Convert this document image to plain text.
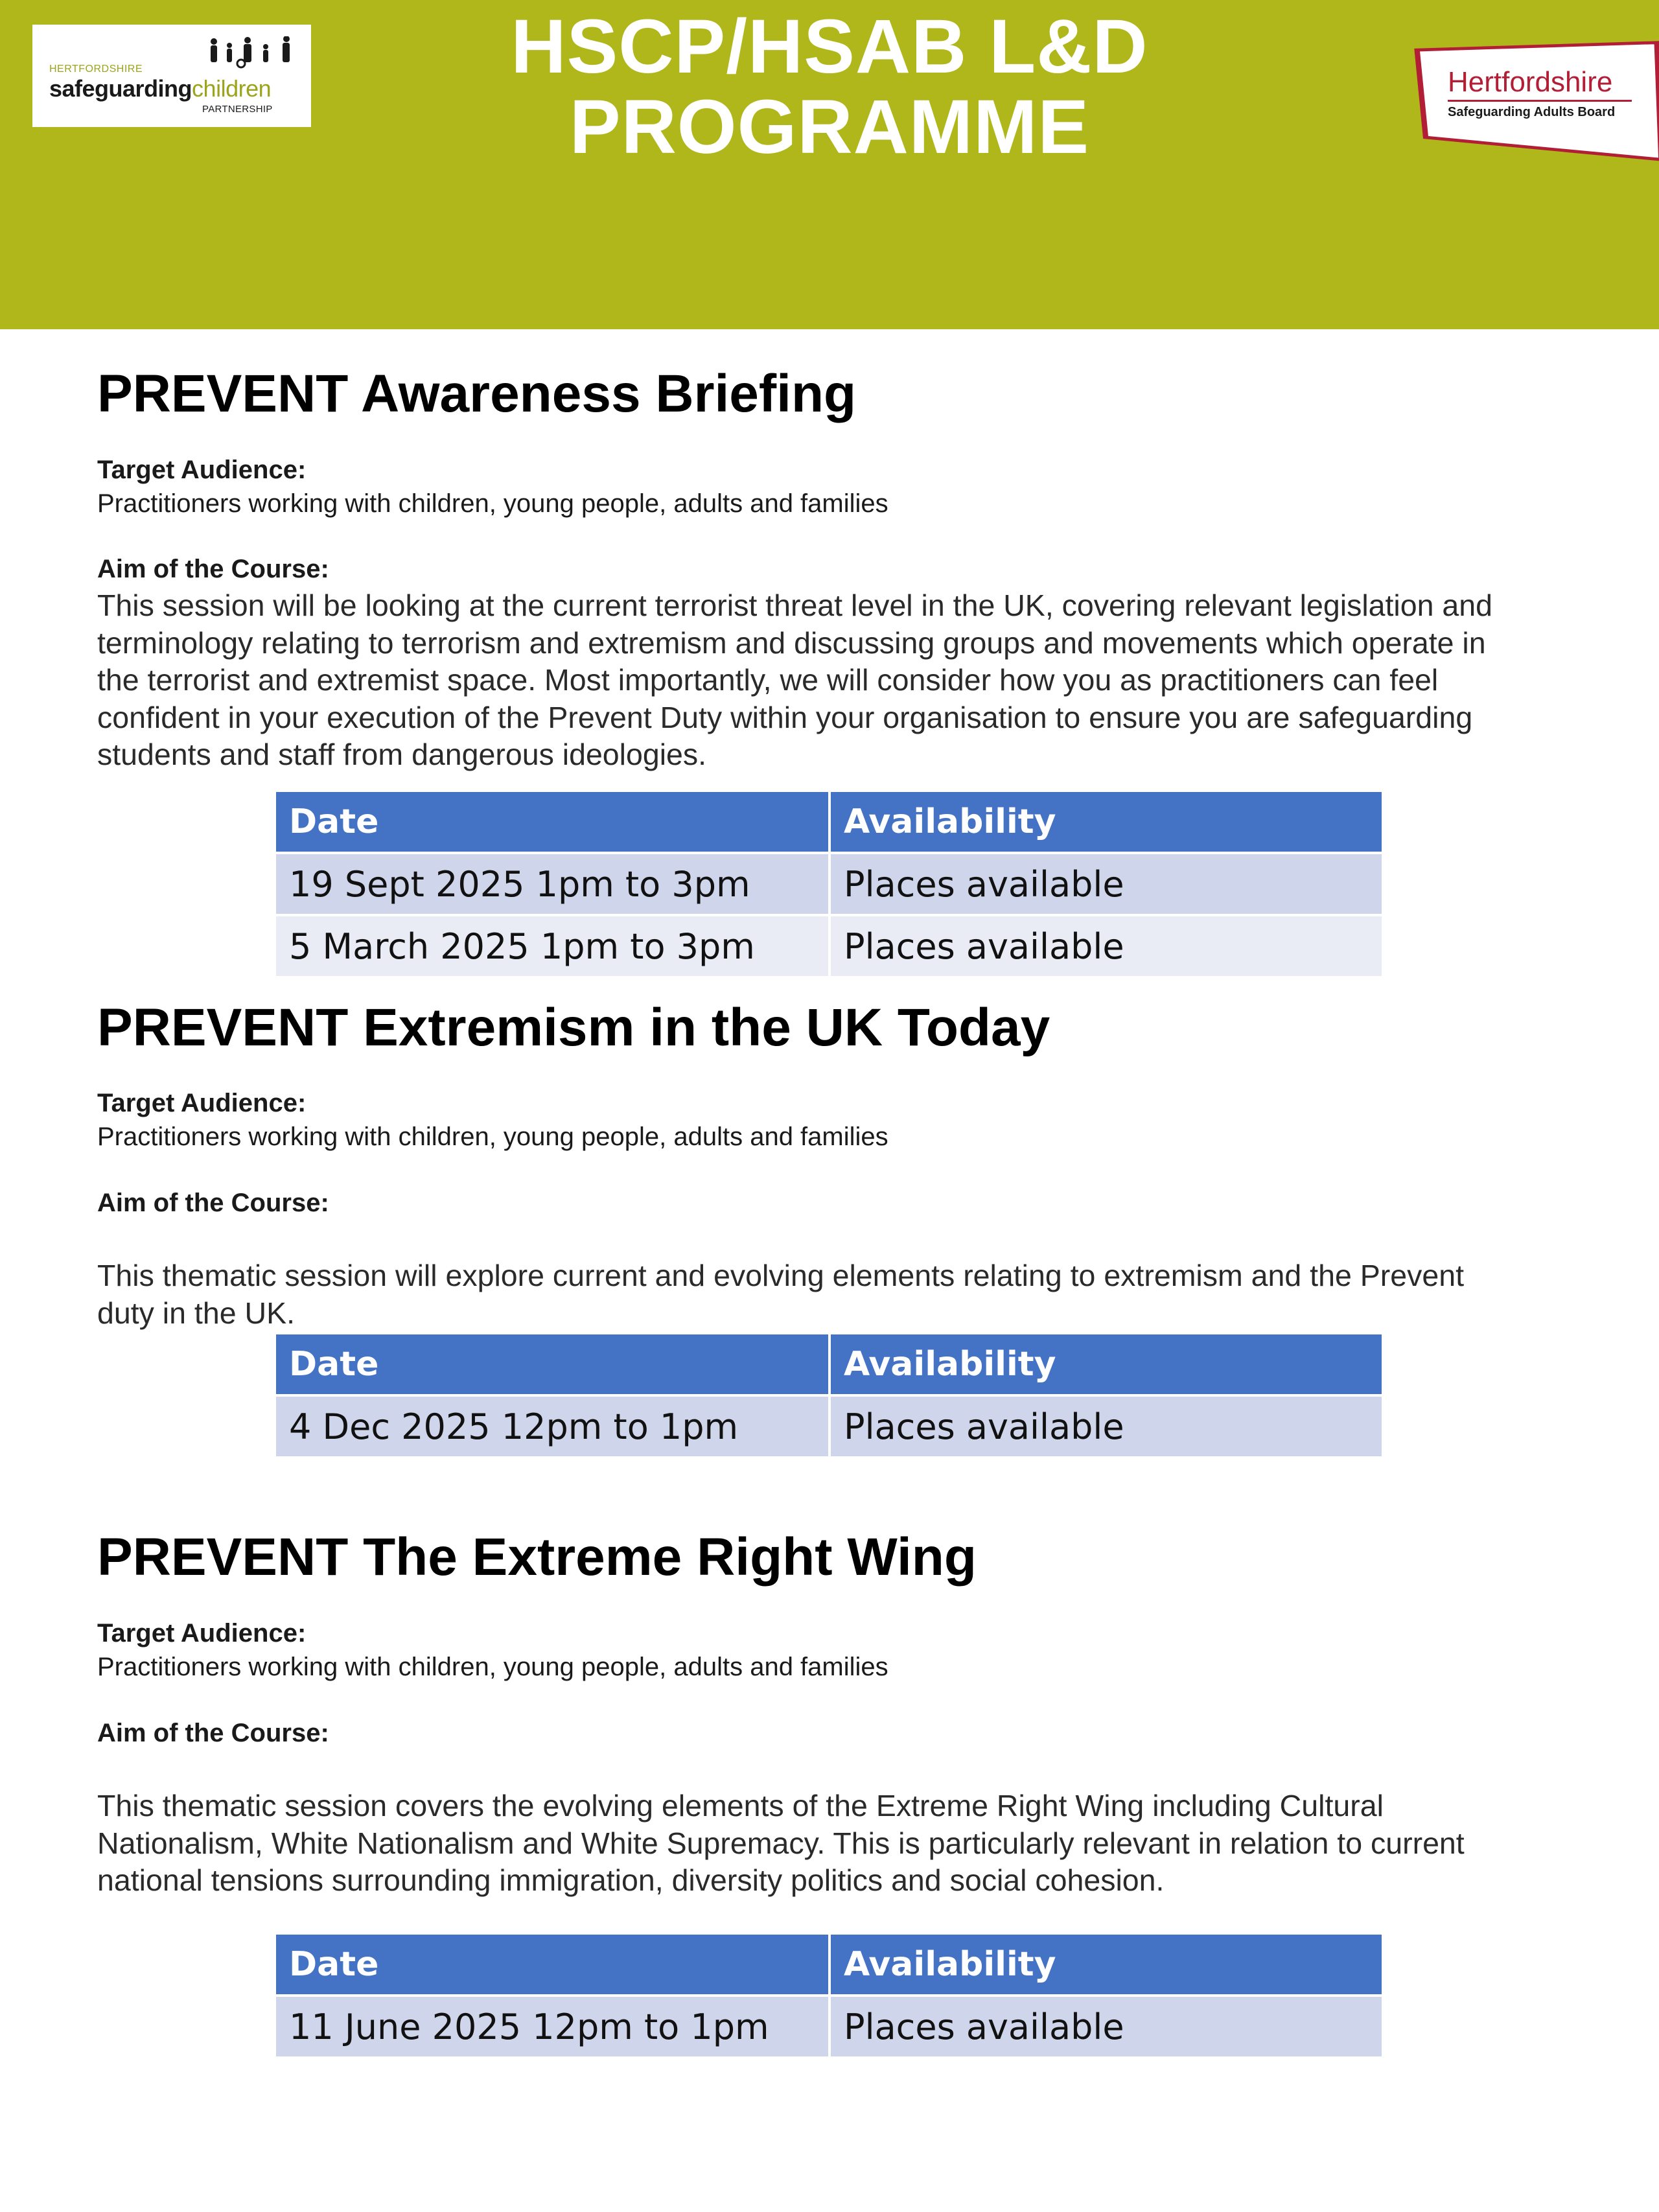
HERTFORDSHIRE
safeguardingchildren
PARTNERSHIP
HSCP/HSAB L&D
PROGRAMME
Hertfordshire
Safeguarding Adults Board
PREVENT Awareness Briefing
Target Audience:
Practitioners working with children, young people, adults and families
Aim of the Course:
This session will be looking at the current terrorist threat level in the UK, covering relevant legislation and
terminology relating to terrorism and extremism and discussing groups and movements which operate in
the terrorist and extremist space. Most importantly, we will consider how you as practitioners can feel
confident in your execution of the Prevent Duty within your organisation to ensure you are safeguarding
students and staff from dangerous ideologies.
Date	Availability
19 Sept 2025 1pm to 3pm	Places available
5 March 2025 1pm to 3pm	Places available
PREVENT Extremism in the UK Today
Target Audience:
Practitioners working with children, young people, adults and families
Aim of the Course:
This thematic session will explore current and evolving elements relating to extremism and the Prevent
duty in the UK.
Date	Availability
4 Dec 2025 12pm to 1pm	Places available
PREVENT The Extreme Right Wing
Target Audience:
Practitioners working with children, young people, adults and families
Aim of the Course:
This thematic session covers the evolving elements of the Extreme Right Wing including Cultural
Nationalism, White Nationalism and White Supremacy. This is particularly relevant in relation to current
national tensions surrounding immigration, diversity politics and social cohesion.
Date	Availability
11 June 2025 12pm to 1pm	Places available
